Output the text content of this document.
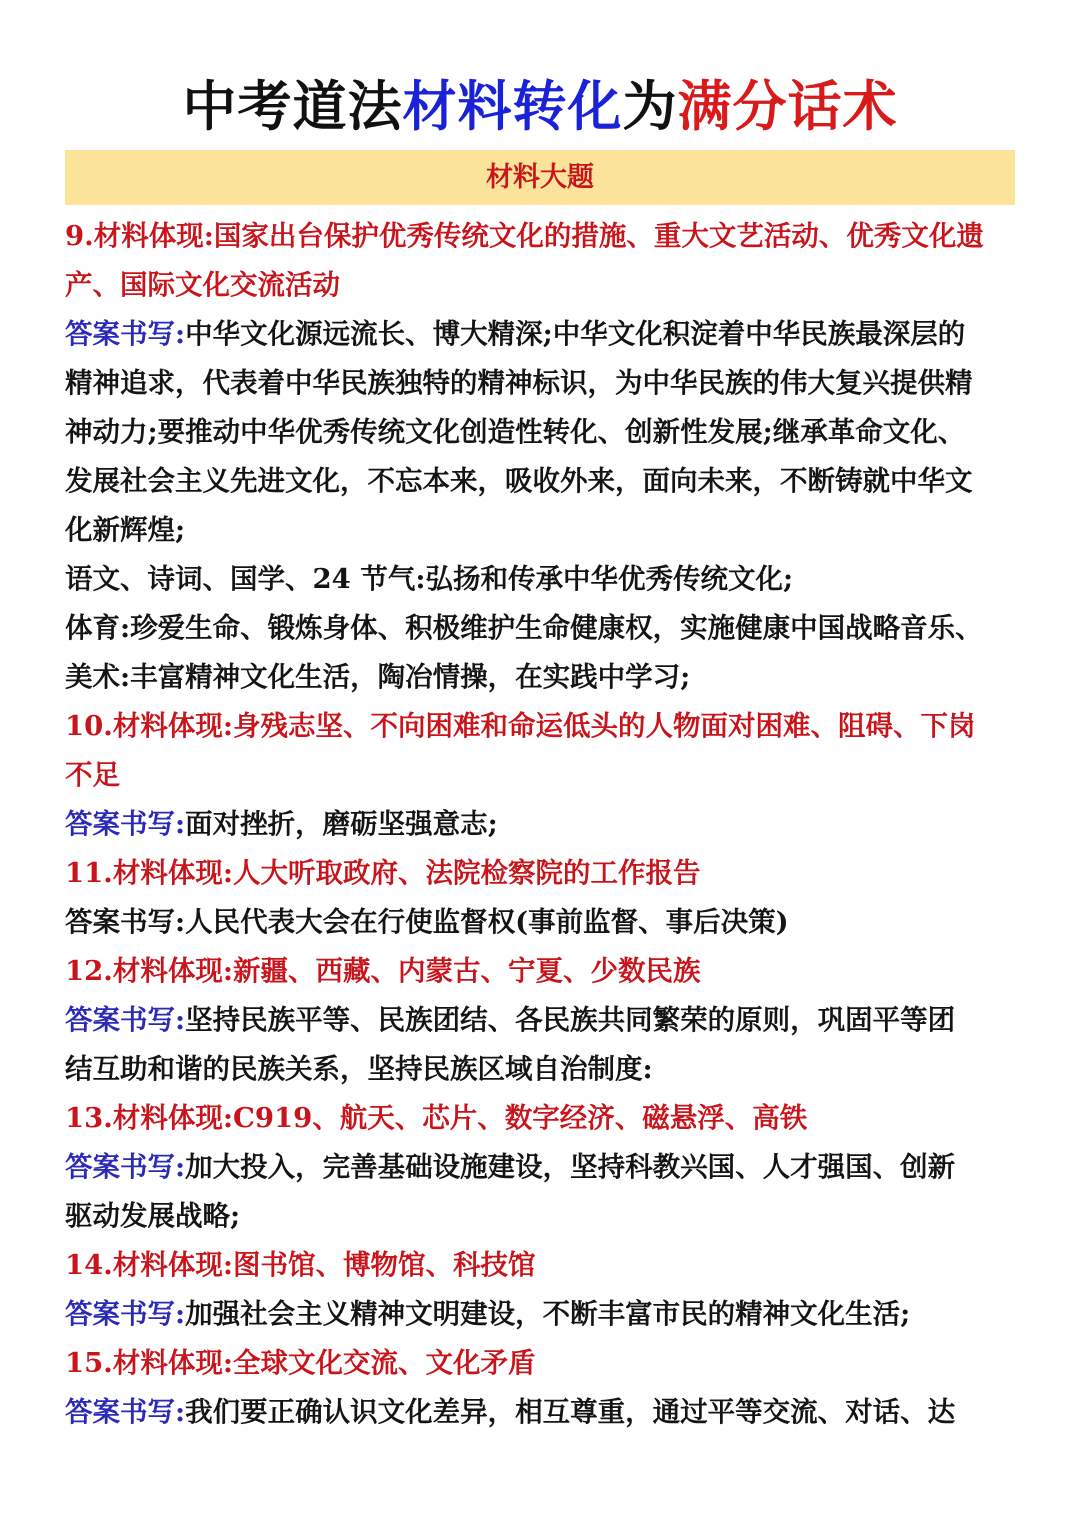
中考道法材料转化为满分话术
材料大题
9.材料体现:国家出台保护优秀传统文化的措施、重大文艺活动、优秀文化遗
产、国际文化交流活动
答案书写:中华文化源远流长、博大精深;中华文化积淀着中华民族最深层的
精神追求，代表着中华民族独特的精神标识，为中华民族的伟大复兴提供精
神动力;要推动中华优秀传统文化创造性转化、创新性发展;继承革命文化、
发展社会主义先进文化，不忘本来，吸收外来，面向未来，不断铸就中华文
化新辉煌;
语文、诗词、国学、24 节气:弘扬和传承中华优秀传统文化;
体育:珍爱生命、锻炼身体、积极维护生命健康权，实施健康中国战略音乐、
美术:丰富精神文化生活，陶冶情操，在实践中学习;
10.材料体现:身残志坚、不向困难和命运低头的人物面对困难、阻碍、下岗
不足
答案书写:面对挫折，磨砺坚强意志;
11.材料体现:人大听取政府、法院检察院的工作报告
答案书写:人民代表大会在行使监督权(事前监督、事后决策)
12.材料体现:新疆、西藏、内蒙古、宁夏、少数民族
答案书写:坚持民族平等、民族团结、各民族共同繁荣的原则，巩固平等团
结互助和谐的民族关系，坚持民族区域自治制度:
13.材料体现:C919、航天、芯片、数字经济、磁悬浮、高铁
答案书写:加大投入，完善基础设施建设，坚持科教兴国、人才强国、创新
驱动发展战略;
14.材料体现:图书馆、博物馆、科技馆
答案书写:加强社会主义精神文明建设，不断丰富市民的精神文化生活;
15.材料体现:全球文化交流、文化矛盾
答案书写:我们要正确认识文化差异，相互尊重，通过平等交流、对话、达
